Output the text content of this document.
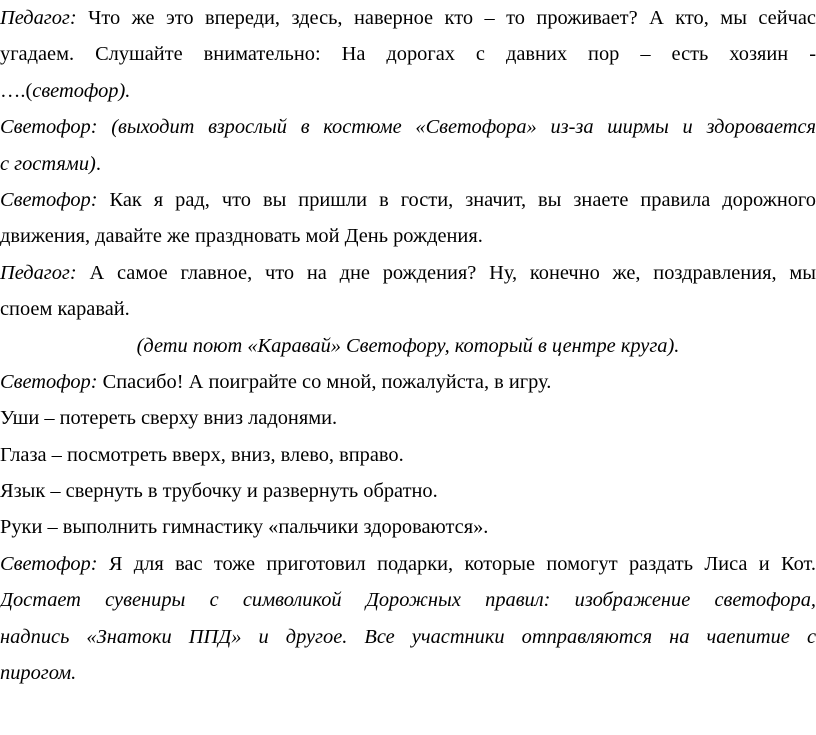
Педагог: Что же это впереди, здесь, наверное кто – то проживает? А кто, мы сейчас
угадаем. Слушайте внимательно: На дорогах с давних пор – есть хозяин -
….(светофор).
Светофор: (выходит взрослый в костюме «Светофора» из-за ширмы и здоровается
с гостями).
Светофор: Как я рад, что вы пришли в гости, значит, вы знаете правила дорожного
движения, давайте же праздновать мой День рождения.
Педагог: А самое главное, что на дне рождения? Ну, конечно же, поздравления, мы
споем каравай.
(дети поют «Каравай» Светофору, который в центре круга).
Светофор: Спасибо! А поиграйте со мной, пожалуйста, в игру.
Уши – потереть сверху вниз ладонями.
Глаза – посмотреть вверх, вниз, влево, вправо.
Язык – свернуть в трубочку и развернуть обратно.
Руки – выполнить гимнастику «пальчики здороваются».
Светофор: Я для вас тоже приготовил подарки, которые помогут раздать Лиса и Кот.
Достает сувениры с символикой Дорожных правил: изображение светофора,
надпись «Знатоки ППД» и другое. Все участники отправляются на чаепитие с
пирогом.
